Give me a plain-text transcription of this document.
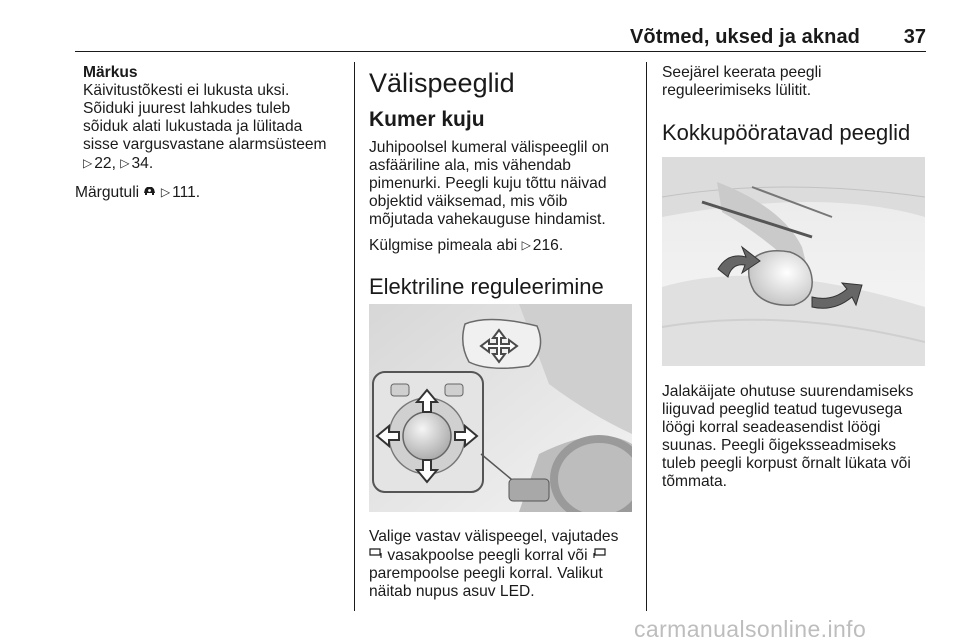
Võtmed, uksed ja aknad	37

Märkus

Käivitustõkesti ei lukusta uksi.

Sõiduki juurest lahkudes tuleb

sõiduk alati lukustada ja lülitada

sisse vargusvastane alarmsüsteem

▷ 22, ▷ 34.

Märgutuli ▷ 111.
Välispeeglid
Kumer kuju

Juhipoolsel kumeral välispeeglil on

asfääriline ala, mis vähendab

pimenurki. Peegli kuju tõttu näivad

objektid väiksemad, mis võib

mõjutada vahekauguse hindamist.

Külgmise pimeala abi ▷ 216.

Elektriline reguleerimine

Valige vastav välispeegel, vajutades

vasakpoolse peegli korral või

parempoolse peegli korral. Valikut

näitab nupus asuv LED.

Seejärel keerata peegli

reguleerimiseks lülitit.

Kokkupööratavad peeglid

Jalakäijate ohutuse suurendamiseks

liiguvad peeglid teatud tugevusega

löögi korral seadeasendist löögi

suunas. Peegli õigeksseadmiseks

tuleb peegli korpust õrnalt lükata või

tõmmata.

carmanualsonline.info
